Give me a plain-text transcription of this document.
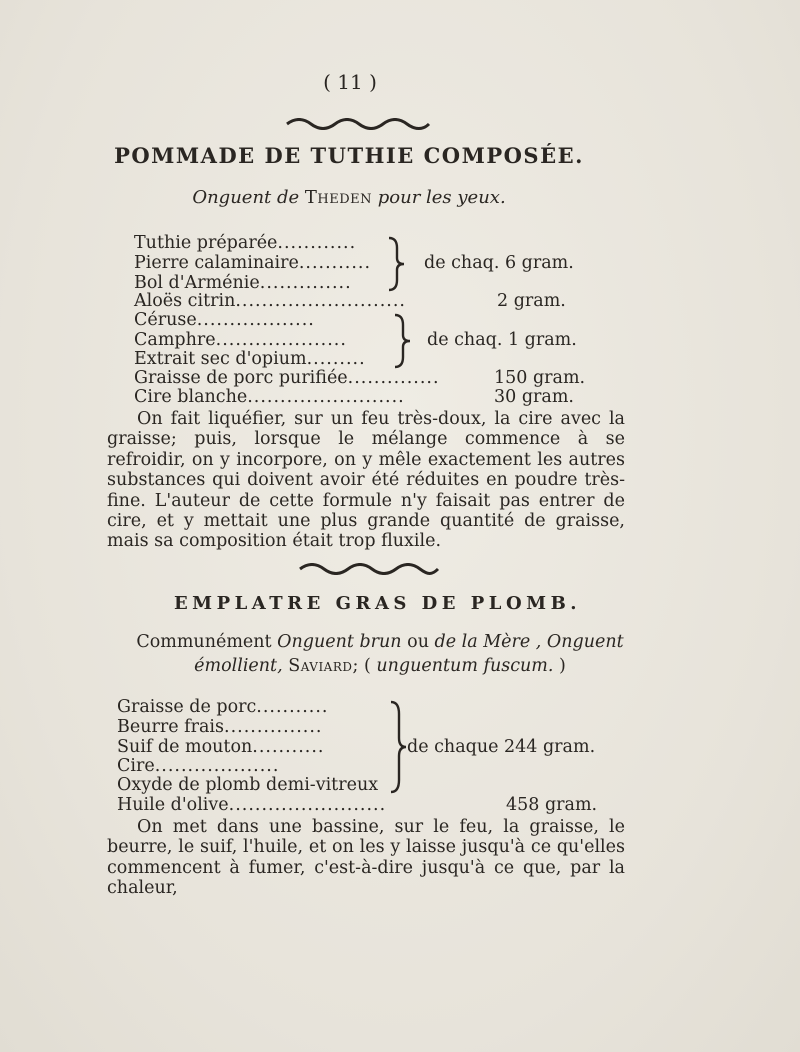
( 11 )
POMMADE DE TUTHIE COMPOSÉE.
Onguent de Theden pour les yeux.
Tuthie préparée............
Pierre calaminaire...........
Bol d'Arménie..............
de chaq. 6 gram.
Aloës citrin..........................	2 gram.
Céruse..................
Camphre....................
Extrait sec d'opium.........
de chaq. 1 gram.
Graisse de porc purifiée..............	150 gram.
Cire blanche........................	30 gram.

On fait liquéfier, sur un feu très-doux, la cire avec la graisse; puis, lorsque le mélange commence à se refroidir, on y incorpore, on y mêle exactement les autres substances qui doivent avoir été réduites en poudre très-fine. L'auteur de cette formule n'y faisait pas entrer de cire, et y mettait une plus grande quantité de graisse, mais sa composition était trop fluxile.

EMPLATRE GRAS DE PLOMB.
Communément Onguent brun ou de la Mère , Onguent
émollient, Saviard; ( unguentum fuscum. )
Graisse de porc...........
Beurre frais...............
Suif de mouton...........
Cire...................
Oxyde de plomb demi-vitreux
de chaque 244 gram.
Huile d'olive........................	458 gram.

On met dans une bassine, sur le feu, la graisse, le beurre, le suif, l'huile, et on les y laisse jusqu'à ce qu'elles commencent à fumer, c'est-à-dire jusqu'à ce que, par la chaleur,
